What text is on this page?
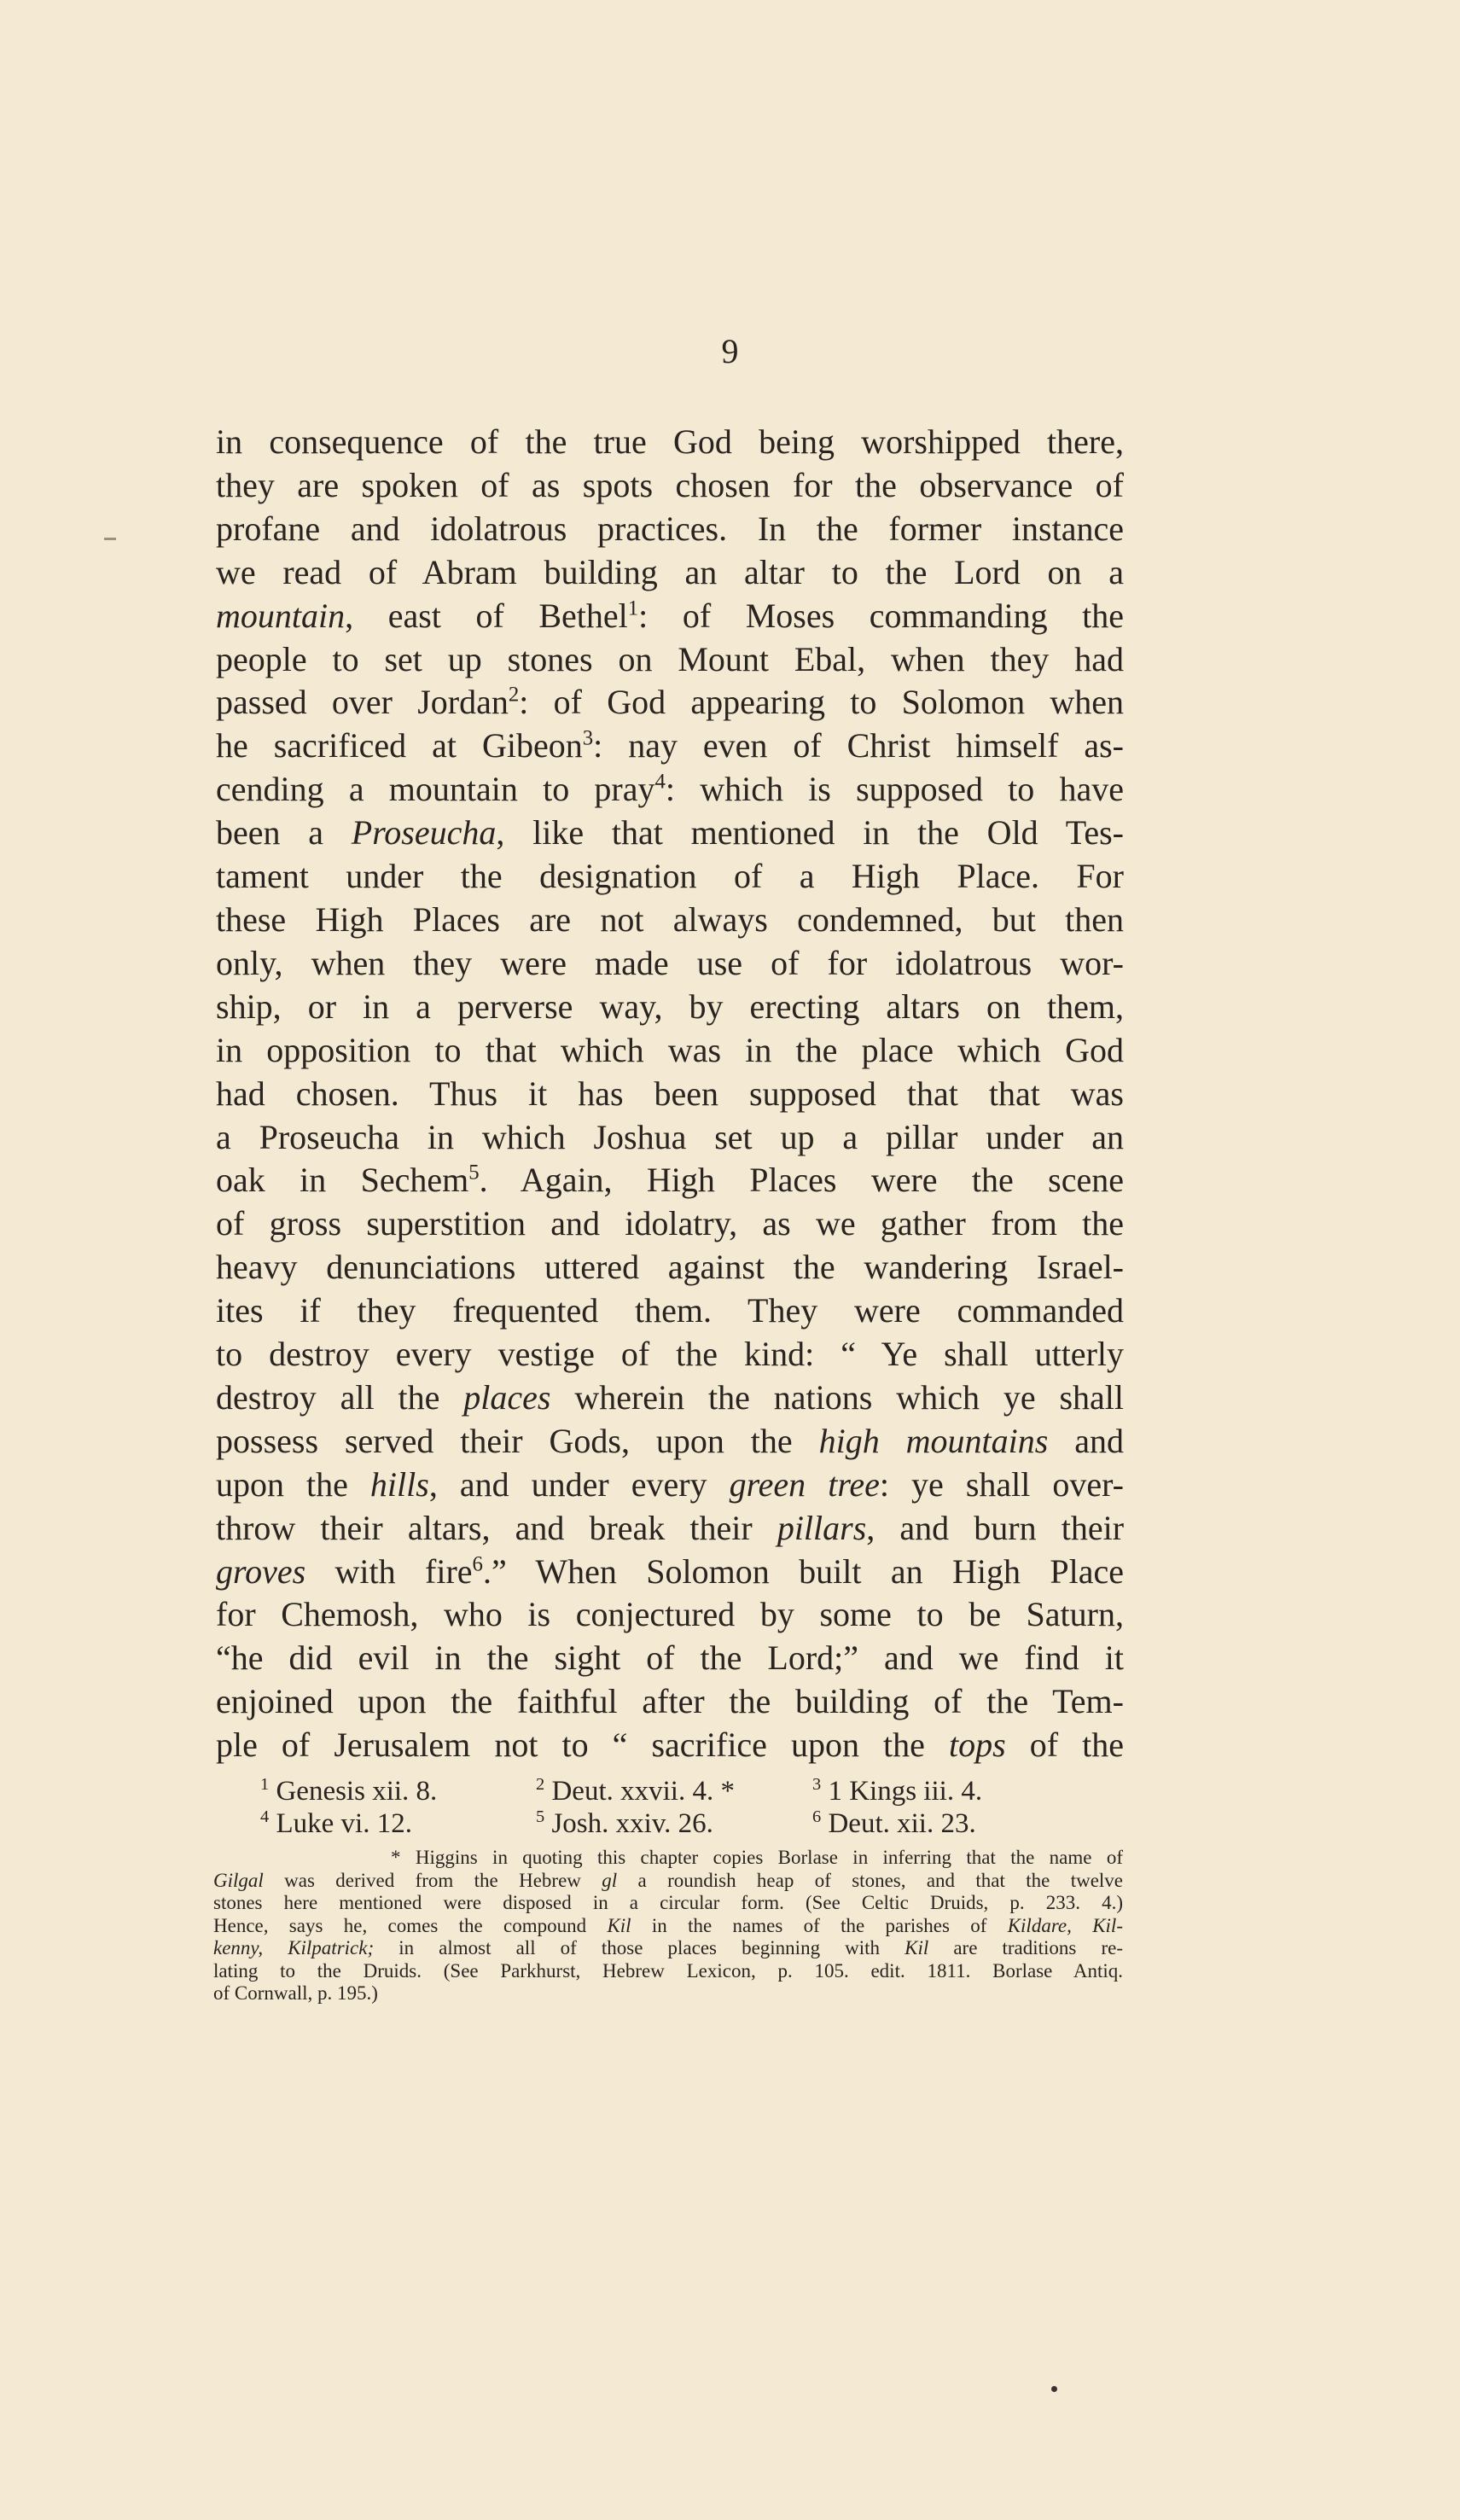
9
in consequence of the true God being worshipped there,
they are spoken of as spots chosen for the observance of
profane and idolatrous practices. In the former instance
we read of Abram building an altar to the Lord on a
mountain, east of Bethel$^1$: of Moses commanding the
people to set up stones on Mount Ebal, when they had
passed over Jordan$^2$: of God appearing to Solomon when
he sacrificed at Gibeon$^3$: nay even of Christ himself as-
cending a mountain to pray$^4$: which is supposed to have
been a Proseucha, like that mentioned in the Old Tes-
tament under the designation of a High Place. For
these High Places are not always condemned, but then
only, when they were made use of for idolatrous wor-
ship, or in a perverse way, by erecting altars on them,
in opposition to that which was in the place which God
had chosen. Thus it has been supposed that that was
a Proseucha in which Joshua set up a pillar under an
oak in Sechem$^5$. Again, High Places were the scene
of gross superstition and idolatry, as we gather from the
heavy denunciations uttered against the wandering Israel-
ites if they frequented them. They were commanded
to destroy every vestige of the kind: “ Ye shall utterly
destroy all the places wherein the nations which ye shall
possess served their Gods, upon the high mountains and
upon the hills, and under every green tree: ye shall over-
throw their altars, and break their pillars, and burn their
groves with fire$^6$.” When Solomon built an High Place
for Chemosh, who is conjectured by some to be Saturn,
“he did evil in the sight of the Lord;” and we find it
enjoined upon the faithful after the building of the Tem-
ple of Jerusalem not to “ sacrifice upon the tops of the
$^1$ Genesis xii. 8.	$^2$ Deut. xxvii. 4. *	$^3$ 1 Kings iii. 4.
$^4$ Luke vi. 12.	$^5$ Josh. xxiv. 26.	$^6$ Deut. xii. 23.
* Higgins in quoting this chapter copies Borlase in inferring that the name of
Gilgal was derived from the Hebrew gl a roundish heap of stones, and that the twelve
stones here mentioned were disposed in a circular form. (See Celtic Druids, p. 233. 4.)
Hence, says he, comes the compound Kil in the names of the parishes of Kildare, Kil-
kenny, Kilpatrick; in almost all of those places beginning with Kil are traditions re-
lating to the Druids. (See Parkhurst, Hebrew Lexicon, p. 105. edit. 1811. Borlase Antiq.
of Cornwall, p. 195.)
